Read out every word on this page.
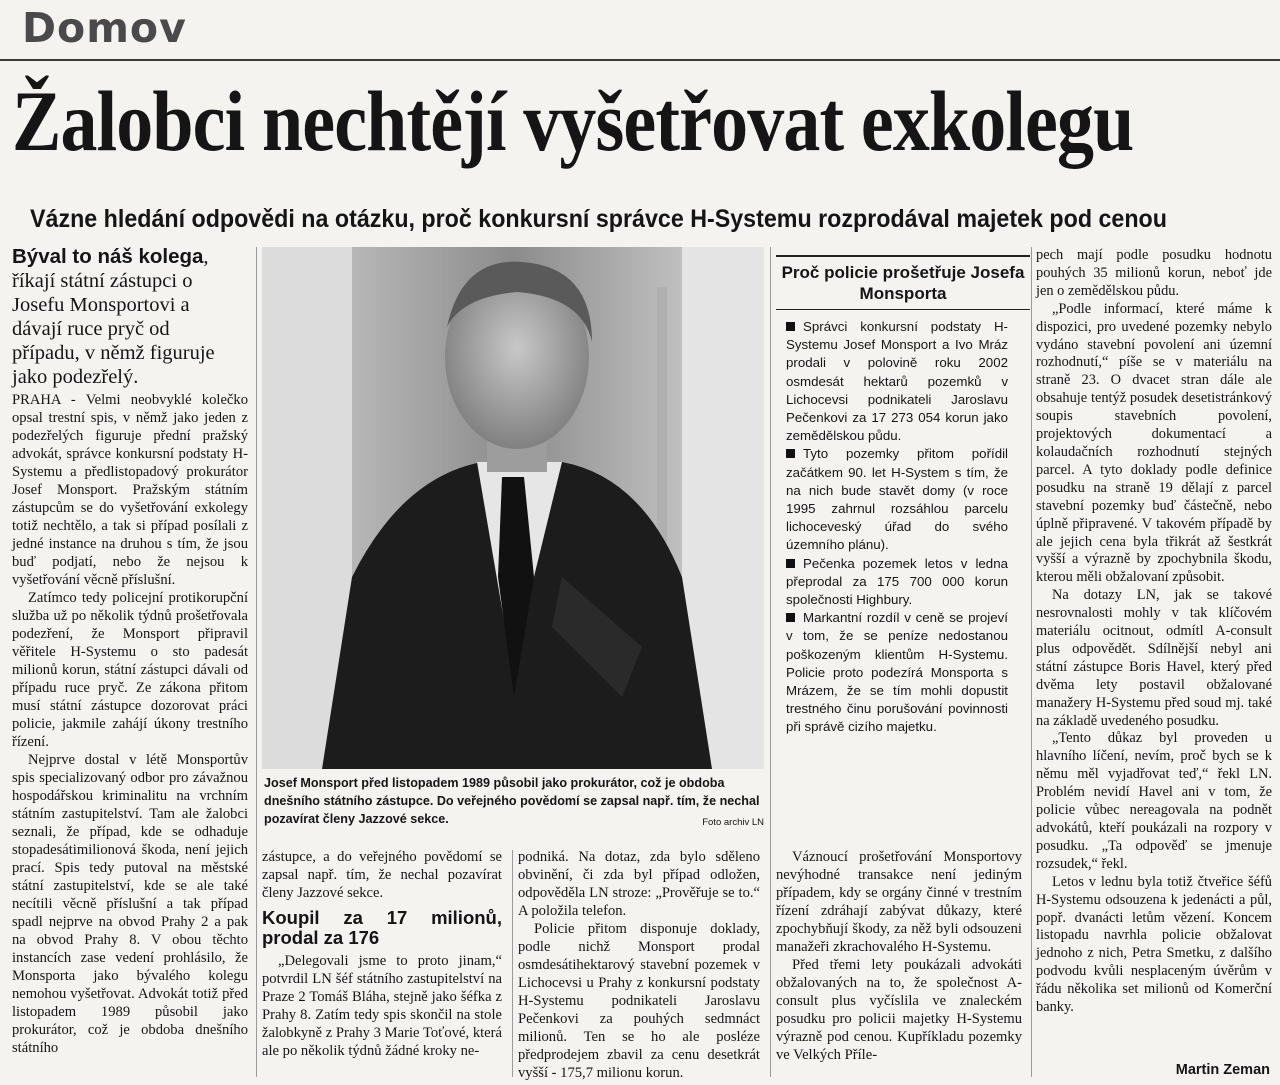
Domov
Žalobci nechtějí vyšetřovat exkolegu
Vázne hledání odpovědi na otázku, proč konkursní správce H-Systemu rozprodával majetek pod cenou
Býval to náš kolega, říkají státní zástupci o Josefu Monsportovi a dávají ruce pryč od případu, v němž figuruje jako podezřelý.

PRAHA - Velmi neobvyklé kolečko opsal trestní spis, v němž jako jeden z podezřelých figuruje přední pražský advokát, správce konkursní podstaty H-Systemu a předlistopadový prokurátor Josef Monsport. Pražským státním zástupcům se do vyšetřování exkolegy totiž nechtělo, a tak si případ posílali z jedné instance na druhou s tím, že jsou buď podjatí, nebo že nejsou k vyšetřování věcně příslušní.

Zatímco tedy policejní protikorupční služba už po několik týdnů prošetřovala podezření, že Monsport připravil věřitele H-Systemu o sto padesát milionů korun, státní zástupci dávali od případu ruce pryč. Ze zákona přitom musí státní zástupce dozorovat práci policie, jakmile zahájí úkony trestního řízení.

Nejprve dostal v létě Monsportův spis specializovaný odbor pro závažnou hospodářskou kriminalitu na vrchním státním zastupitelství. Tam ale žalobci seznali, že případ, kde se odhaduje stopadesátimilionová škoda, není jejich prací. Spis tedy putoval na městské státní zastupitelství, kde se ale také necítili věcně příslušní a tak případ spadl nejprve na obvod Prahy 2 a pak na obvod Prahy 8. V obou těchto instancích zase vedení prohlásilo, že Monsporta jako bývalého kolegu nemohou vyšetřovat. Advokát totiž před listopadem 1989 působil jako prokurátor, což je obdoba dnešního státního

Josef Monsport před listopadem 1989 působil jako prokurátor, což je obdoba dnešního státního zástupce. Do veřejného povědomí se zapsal např. tím, že nechal pozavírat členy Jazzové sekce.	Foto archiv LN

zástupce, a do veřejného povědomí se zapsal např. tím, že nechal pozavírat členy Jazzové sekce.

Koupil za 17 milionů, prodal za 176

„Delegovali jsme to proto jinam,“ potvrdil LN šéf státního zastupitelství na Praze 2 Tomáš Bláha, stejně jako šéfka z Prahy 8. Zatím tedy spis skončil na stole žalobkyně z Prahy 3 Marie Toťové, která ale po několik týdnů žádné kroky ne-

podniká. Na dotaz, zda bylo sděleno obvinění, či zda byl případ odložen, odpověděla LN stroze: „Prověřuje se to.“ A položila telefon.

Policie přitom disponuje doklady, podle nichž Monsport prodal osmdesátihektarový stavební pozemek v Lichocevsi u Prahy z konkursní podstaty H-Systemu podnikateli Jaroslavu Pečenkovi za pouhých sedmnáct milionů. Ten se ho ale posléze předprodejem zbavil za cenu desetkrát vyšší - 175,7 milionu korun.

Proč policie prošetřuje Josefa Monsporta

Správci konkursní podstaty H-Systemu Josef Monsport a Ivo Mráz prodali v polovině roku 2002 osmdesát hektarů pozemků v Lichocevsi podnikateli Jaroslavu Pečenkovi za 17 273 054 korun jako zemědělskou půdu.

Tyto pozemky přitom pořídil začátkem 90. let H-System s tím, že na nich bude stavět domy (v roce 1995 zahrnul rozsáhlou parcelu lichoceveský úřad do svého územního plánu).

Pečenka pozemek letos v ledna přeprodal za 175 700 000 korun společnosti Highbury.

Markantní rozdíl v ceně se projeví v tom, že se peníze nedostanou poškozeným klientům H-Systemu. Policie proto podezírá Monsporta s Mrázem, že se tím mohli dopustit trestného činu porušování povinnosti při správě cizího majetku.

Váznoucí prošetřování Monsportovy nevýhodné transakce není jediným případem, kdy se orgány činné v trestním řízení zdráhají zabývat důkazy, které zpochybňují škody, za něž byli odsouzeni manažeři zkrachovalého H-Systemu.

Před třemi lety poukázali advokáti obžalovaných na to, že společnost A-consult plus vyčíslila ve znaleckém posudku pro policii majetky H-Systemu výrazně pod cenou. Kupříkladu pozemky ve Velkých Příle-

pech mají podle posudku hodnotu pouhých 35 milionů korun, neboť jde jen o zemědělskou půdu.

„Podle informací, které máme k dispozici, pro uvedené pozemky nebylo vydáno stavební povolení ani územní rozhodnutí,“ píše se v materiálu na straně 23. O dvacet stran dále ale obsahuje tentýž posudek desetistránkový soupis stavebních povolení, projektových dokumentací a kolaudačních rozhodnutí stejných parcel. A tyto doklady podle definice posudku na straně 19 dělají z parcel stavební pozemky buď částečně, nebo úplně připravené. V takovém případě by ale jejich cena byla třikrát až šestkrát vyšší a výrazně by zpochybnila škodu, kterou měli obžalovaní způsobit.

Na dotazy LN, jak se takové nesrovnalosti mohly v tak klíčovém materiálu ocitnout, odmítl A-consult plus odpovědět. Sdílnější nebyl ani státní zástupce Boris Havel, který před dvěma lety postavil obžalované manažery H-Systemu před soud mj. také na základě uvedeného posudku.

„Tento důkaz byl proveden u hlavního líčení, nevím, proč bych se k němu měl vyjadřovat teď,“ řekl LN. Problém nevidí Havel ani v tom, že policie vůbec nereagovala na podnět advokátů, kteří poukázali na rozpory v posudku. „Ta odpověď se jmenuje rozsudek,“ řekl.

Letos v lednu byla totiž čtveřice šéfů H-Systemu odsouzena k jedenácti a půl, popř. dvanácti letům vězení. Koncem listopadu navrhla policie obžalovat jednoho z nich, Petra Smetku, z dalšího podvodu kvůli nesplaceným úvěrům v řádu několika set milionů od Komerční banky.

Martin Zeman
